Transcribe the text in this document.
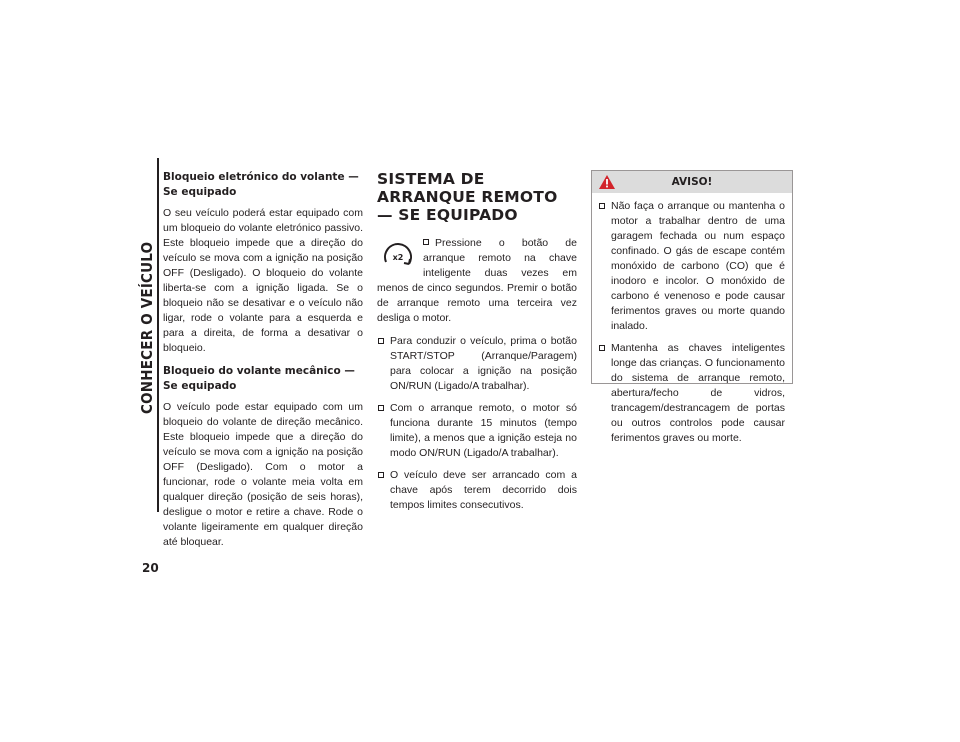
CONHECER O VEÍCULO
20
Bloqueio eletrónico do volante — Se equipado

O seu veículo poderá estar equipado com um bloqueio do volante eletrónico passivo. Este bloqueio impede que a direção do veículo se mova com a ignição na posição OFF (Desligado). O bloqueio do volante liberta-se com a ignição ligada. Se o bloqueio não se desativar e o veículo não ligar, rode o volante para a esquerda e para a direita, de forma a desativar o bloqueio.

Bloqueio do volante mecânico — Se equipado

O veículo pode estar equipado com um bloqueio do volante de direção mecânico. Este bloqueio impede que a direção do veículo se mova com a ignição na posição OFF (Desligado). Com o motor a funcionar, rode o volante meia volta em qualquer direção (posição de seis horas), desligue o motor e retire a chave. Rode o volante ligeiramente em qualquer direção até bloquear.

SISTEMA DE ARRANQUE REMOTO — SE EQUIPADO
x2
Pressione o botão de arranque remoto na chave inteligente duas vezes em menos de cinco segundos. Premir o botão de arranque remoto uma terceira vez desliga o motor.
Para conduzir o veículo, prima o botão START/STOP (Arranque/Paragem) para colocar a ignição na posição ON/RUN (Ligado/A trabalhar).
Com o arranque remoto, o motor só funciona durante 15 minutos (tempo limite), a menos que a ignição esteja no modo ON/RUN (Ligado/A trabalhar).
O veículo deve ser arrancado com a chave após terem decorrido dois tempos limites consecutivos.
AVISO!
Não faça o arranque ou mantenha o motor a trabalhar dentro de uma garagem fechada ou num espaço confinado. O gás de escape contém monóxido de carbono (CO) que é inodoro e incolor. O monóxido de carbono é venenoso e pode causar ferimentos graves ou morte quando inalado.
Mantenha as chaves inteligentes longe das crianças. O funcionamento do sistema de arranque remoto, abertura/fecho de vidros, trancagem/destrancagem de portas ou outros controlos pode causar ferimentos graves ou morte.
